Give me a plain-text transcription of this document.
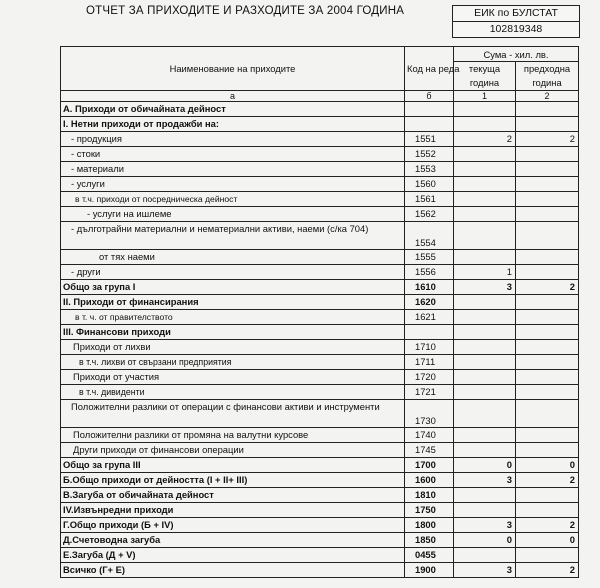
ОТЧЕТ ЗА ПРИХОДИТЕ И РАЗХОДИТЕ ЗА 2004 ГОДИНА	ЕИК по БУЛСТАТ
102819348
Наименование на приходите	Код на реда	Сума - хил. лв.	
		текуща година	предходна година
а	б	1	2
А. Приходи от обичайната дейност			
I. Нетни приходи от продажби на:			
- продукция	1551	2	2
- стоки	1552		
- материали	1553		
- услуги	1560		
в т.ч. приходи от посредническа дейност	1561		
- услуги на ишлеме	1562		
- дълготрайни материални и нематериални активи, наеми (с/ка 704)	1554		
от тях наеми	1555		
- други	1556	1	
Общо за група I	1610	3	2
II. Приходи от финансирания	1620		
в т. ч. от правителството	1621		
III. Финансови приходи			
Приходи от лихви	1710		
в т.ч. лихви от свързани предприятия	1711		
Приходи от участия	1720		
в т.ч. дивиденти	1721		
Положителни разлики от операции с финансови активи и инструменти	1730		
Положителни разлики от промяна на валутни курсове	1740		
Други приходи от финансови операции	1745		
Общо за група III	1700	0	0
Б.Общо приходи от дейността (I + II+ III)	1600	3	2
В.Загуба от обичайната дейност	1810		
IV.Извънредни приходи	1750		
Г.Общо приходи (Б + IV)	1800	3	2
Д.Счетоводна загуба	1850	0	0
Е.Загуба (Д + V)	0455		
Всичко (Г+ Е)	1900	3	2
